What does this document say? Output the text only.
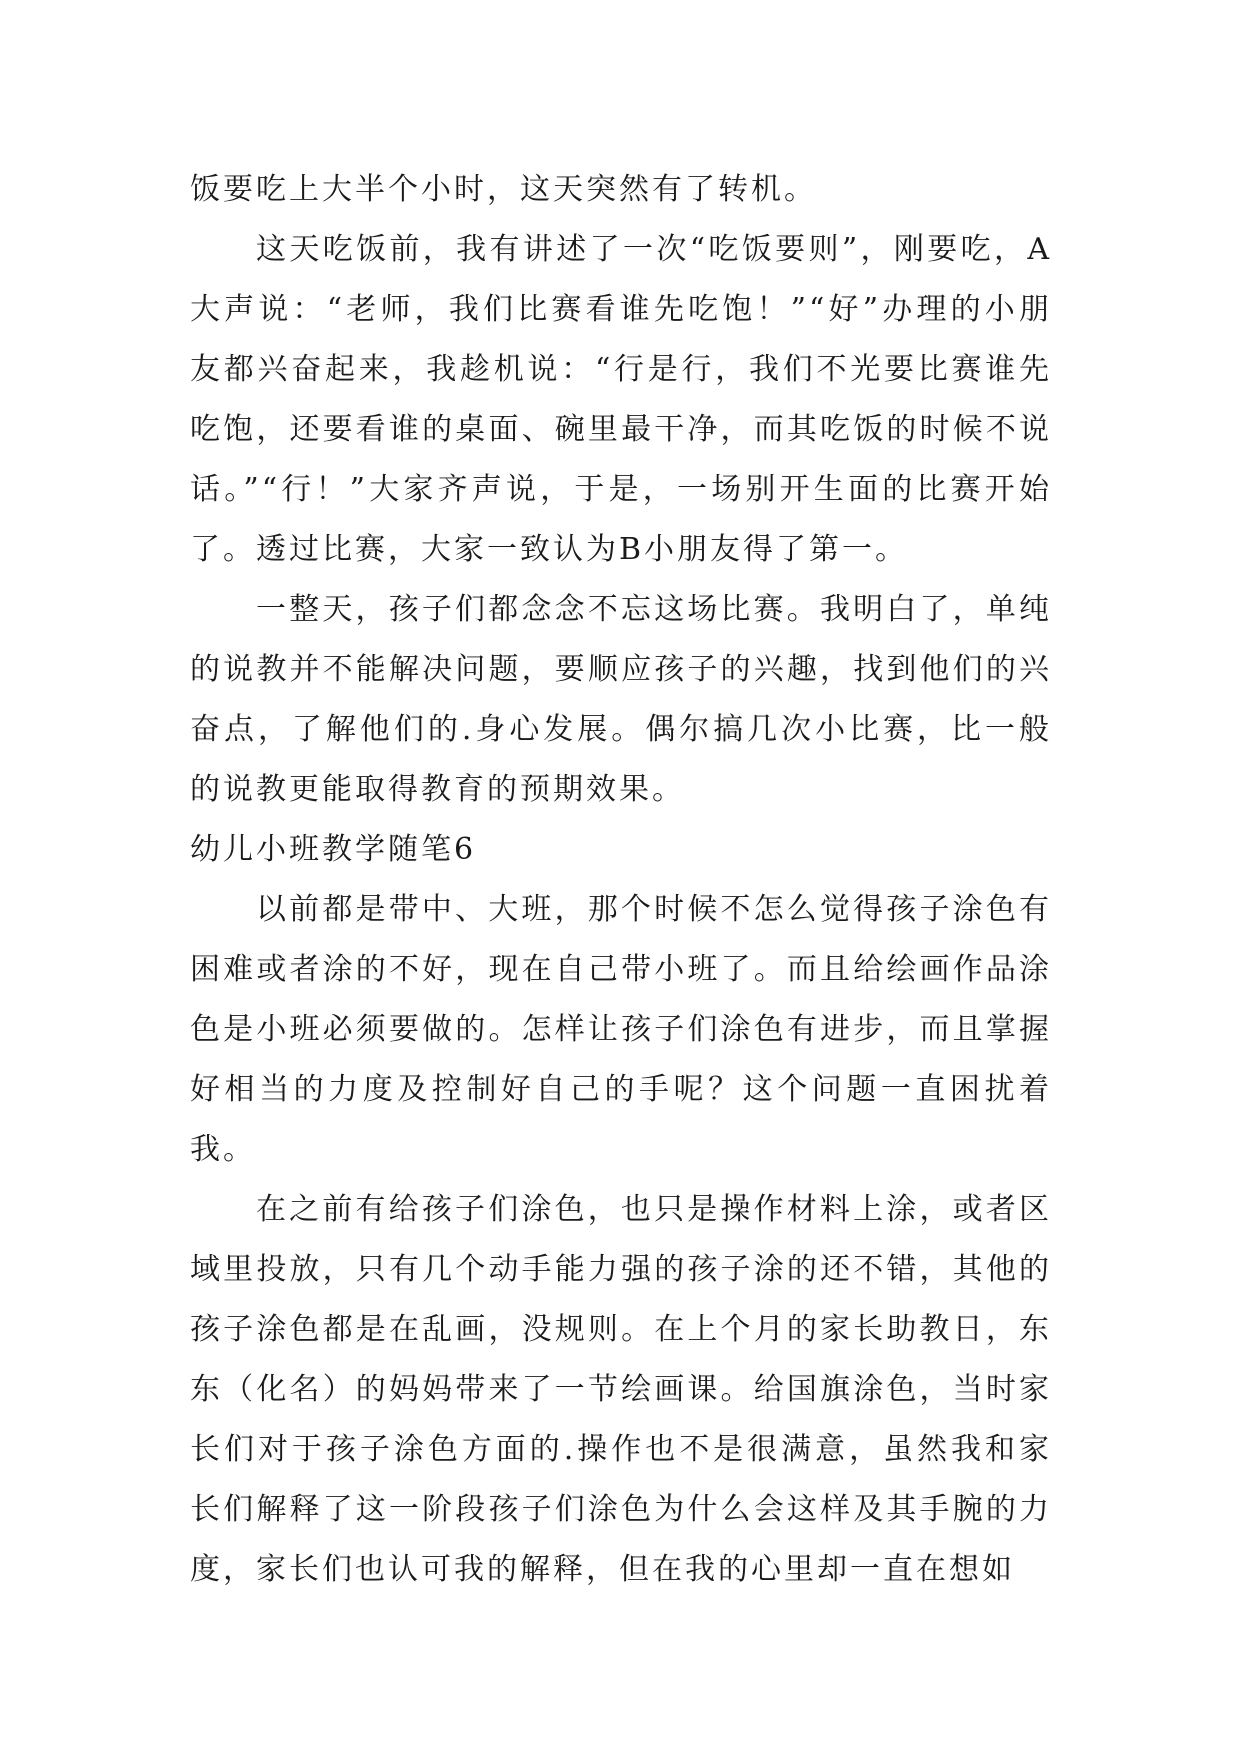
饭要吃上大半个小时，这天突然有了转机。

这天吃饭前，我有讲述了一次“吃饭要则”，刚要吃，A大声说：“老师，我们比赛看谁先吃饱！”“好”办理的小朋友都兴奋起来，我趁机说：“行是行，我们不光要比赛谁先吃饱，还要看谁的桌面、碗里最干净，而其吃饭的时候不说话。”“行！”大家齐声说，于是，一场别开生面的比赛开始了。透过比赛，大家一致认为B小朋友得了第一。

一整天，孩子们都念念不忘这场比赛。我明白了，单纯的说教并不能解决问题，要顺应孩子的兴趣，找到他们的兴奋点，了解他们的.身心发展。偶尔搞几次小比赛，比一般的说教更能取得教育的预期效果。

幼儿小班教学随笔6

以前都是带中、大班，那个时候不怎么觉得孩子涂色有困难或者涂的不好，现在自己带小班了。而且给绘画作品涂色是小班必须要做的。怎样让孩子们涂色有进步，而且掌握好相当的力度及控制好自己的手呢？这个问题一直困扰着我。

在之前有给孩子们涂色，也只是操作材料上涂，或者区域里投放，只有几个动手能力强的孩子涂的还不错，其他的孩子涂色都是在乱画，没规则。在上个月的家长助教日，东东（化名）的妈妈带来了一节绘画课。给国旗涂色，当时家长们对于孩子涂色方面的.操作也不是很满意，虽然我和家长们解释了这一阶段孩子们涂色为什么会这样及其手腕的力度，家长们也认可我的解释，但在我的心里却一直在想如
